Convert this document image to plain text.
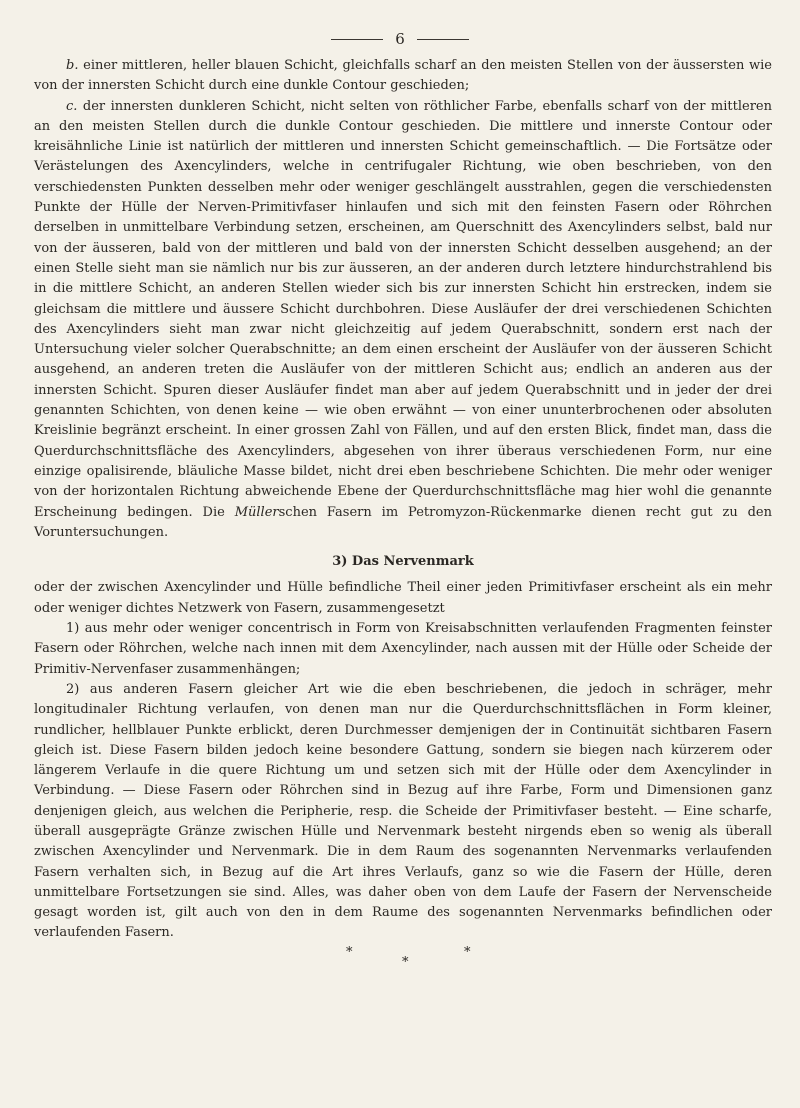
6

b. einer mittleren, heller blauen Schicht, gleichfalls scharf an den meisten Stellen von der äussersten wie von der innersten Schicht durch eine dunkle Contour geschieden;

c. der innersten dunkleren Schicht, nicht selten von röthlicher Farbe, ebenfalls scharf von der mittleren an den meisten Stellen durch die dunkle Contour geschieden. Die mittlere und innerste Contour oder kreisähnliche Linie ist natürlich der mittleren und innersten Schicht gemeinschaftlich. — Die Fortsätze oder Verästelungen des Axencylinders, welche in centrifugaler Richtung, wie oben beschrieben, von den verschiedensten Punkten desselben mehr oder weniger geschlängelt ausstrahlen, gegen die verschiedensten Punkte der Hülle der Nerven-Primitivfaser hinlaufen und sich mit den feinsten Fasern oder Röhrchen derselben in unmittelbare Verbindung setzen, erscheinen, am Querschnitt des Axencylinders selbst, bald nur von der äusseren, bald von der mittleren und bald von der innersten Schicht desselben ausgehend; an der einen Stelle sieht man sie nämlich nur bis zur äusseren, an der anderen durch letztere hindurchstrahlend bis in die mittlere Schicht, an anderen Stellen wieder sich bis zur innersten Schicht hin erstrecken, indem sie gleichsam die mittlere und äussere Schicht durchbohren. Diese Ausläufer der drei verschiedenen Schichten des Axencylinders sieht man zwar nicht gleichzeitig auf jedem Querabschnitt, sondern erst nach der Untersuchung vieler solcher Querabschnitte; an dem einen erscheint der Ausläufer von der äusseren Schicht ausgehend, an anderen treten die Ausläufer von der mittleren Schicht aus; endlich an anderen aus der innersten Schicht. Spuren dieser Ausläufer findet man aber auf jedem Querabschnitt und in jeder der drei genannten Schichten, von denen keine — wie oben erwähnt — von einer ununterbrochenen oder absoluten Kreislinie begränzt erscheint. In einer grossen Zahl von Fällen, und auf den ersten Blick, findet man, dass die Querdurchschnittsfläche des Axencylinders, abgesehen von ihrer überaus verschiedenen Form, nur eine einzige opalisirende, bläuliche Masse bildet, nicht drei eben beschriebene Schichten. Die mehr oder weniger von der horizontalen Richtung abweichende Ebene der Querdurchschnittsfläche mag hier wohl die genannte Erscheinung bedingen. Die Müllerschen Fasern im Petromyzon-Rückenmarke dienen recht gut zu den Voruntersuchungen.

3) Das Nervenmark

oder der zwischen Axencylinder und Hülle befindliche Theil einer jeden Primitivfaser erscheint als ein mehr oder weniger dichtes Netzwerk von Fasern, zusammengesetzt

1) aus mehr oder weniger concentrisch in Form von Kreisabschnitten verlaufenden Fragmenten feinster Fasern oder Röhrchen, welche nach innen mit dem Axencylinder, nach aussen mit der Hülle oder Scheide der Primitiv-Nervenfaser zusammenhängen;

2) aus anderen Fasern gleicher Art wie die eben beschriebenen, die jedoch in schräger, mehr longitudinaler Richtung verlaufen, von denen man nur die Querdurchschnittsflächen in Form kleiner, rundlicher, hellblauer Punkte erblickt, deren Durchmesser demjenigen der in Continuität sichtbaren Fasern gleich ist. Diese Fasern bilden jedoch keine besondere Gattung, sondern sie biegen nach kürzerem oder längerem Verlaufe in die quere Richtung um und setzen sich mit der Hülle oder dem Axencylinder in Verbindung. — Diese Fasern oder Röhrchen sind in Bezug auf ihre Farbe, Form und Dimensionen ganz denjenigen gleich, aus welchen die Peripherie, resp. die Scheide der Primitivfaser besteht. — Eine scharfe, überall ausgeprägte Gränze zwischen Hülle und Nervenmark besteht nirgends eben so wenig als überall zwischen Axencylinder und Nervenmark. Die in dem Raum des sogenannten Nervenmarks verlaufenden Fasern verhalten sich, in Bezug auf die Art ihres Verlaufs, ganz so wie die Fasern der Hülle, deren unmittelbare Fortsetzungen sie sind. Alles, was daher oben von dem Laufe der Fasern der Nervenscheide gesagt worden ist, gilt auch von den in dem Raume des sogenannten Nervenmarks befindlichen oder verlaufenden Fasern.

*	*
*
